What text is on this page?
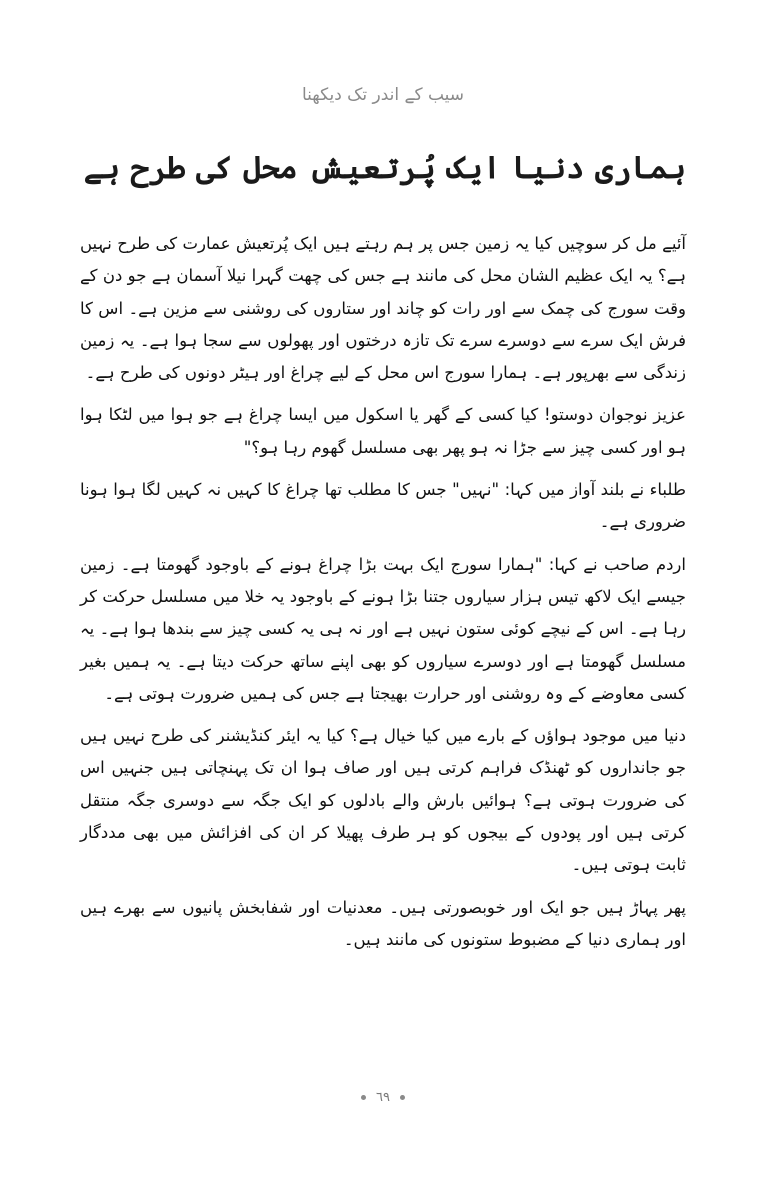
سیب کے اندر تک دیکھنا
ہماری دنیا ایک پُرتعیش محل کی طرح ہے

آئیے مل کر سوچیں کیا یہ زمین جس پر ہم رہتے ہیں ایک پُرتعیش عمارت کی طرح نہیں ہے؟ یہ ایک عظیم الشان محل کی مانند ہے جس کی چھت گہرا نیلا آسمان ہے جو دن کے وقت سورج کی چمک سے اور رات کو چاند اور ستاروں کی روشنی سے مزین ہے۔ اس کا فرش ایک سرے سے دوسرے سرے تک تازہ درختوں اور پھولوں سے سجا ہوا ہے۔ یہ زمین زندگی سے بھرپور ہے۔ ہمارا سورج اس محل کے لیے چراغ اور ہیٹر دونوں کی طرح ہے۔

عزیز نوجوان دوستو! کیا کسی کے گھر یا اسکول میں ایسا چراغ ہے جو ہوا میں لٹکا ہوا ہو اور کسی چیز سے جڑا نہ ہو پھر بھی مسلسل گھوم رہا ہو؟"

طلباء نے بلند آواز میں کہا: "نہیں" جس کا مطلب تھا چراغ کا کہیں نہ کہیں لگا ہوا ہونا ضروری ہے۔

اردم صاحب نے کہا: "ہمارا سورج ایک بہت بڑا چراغ ہونے کے باوجود گھومتا ہے۔ زمین جیسے ایک لاکھ تیس ہزار سیاروں جتنا بڑا ہونے کے باوجود یہ خلا میں مسلسل حرکت کر رہا ہے۔ اس کے نیچے کوئی ستون نہیں ہے اور نہ ہی یہ کسی چیز سے بندھا ہوا ہے۔ یہ مسلسل گھومتا ہے اور دوسرے سیاروں کو بھی اپنے ساتھ حرکت دیتا ہے۔ یہ ہمیں بغیر کسی معاوضے کے وہ روشنی اور حرارت بھیجتا ہے جس کی ہمیں ضرورت ہوتی ہے۔

دنیا میں موجود ہواؤں کے بارے میں کیا خیال ہے؟ کیا یہ ایئر کنڈیشنر کی طرح نہیں ہیں جو جانداروں کو ٹھنڈک فراہم کرتی ہیں اور صاف ہوا ان تک پہنچاتی ہیں جنہیں اس کی ضرورت ہوتی ہے؟ ہوائیں بارش والے بادلوں کو ایک جگہ سے دوسری جگہ منتقل کرتی ہیں اور پودوں کے بیجوں کو ہر طرف پھیلا کر ان کی افزائش میں بھی مددگار ثابت ہوتی ہیں۔

پھر پہاڑ ہیں جو ایک اور خوبصورتی ہیں۔ معدنیات اور شفابخش پانیوں سے بھرے ہیں اور ہماری دنیا کے مضبوط ستونوں کی مانند ہیں۔

٦٩
